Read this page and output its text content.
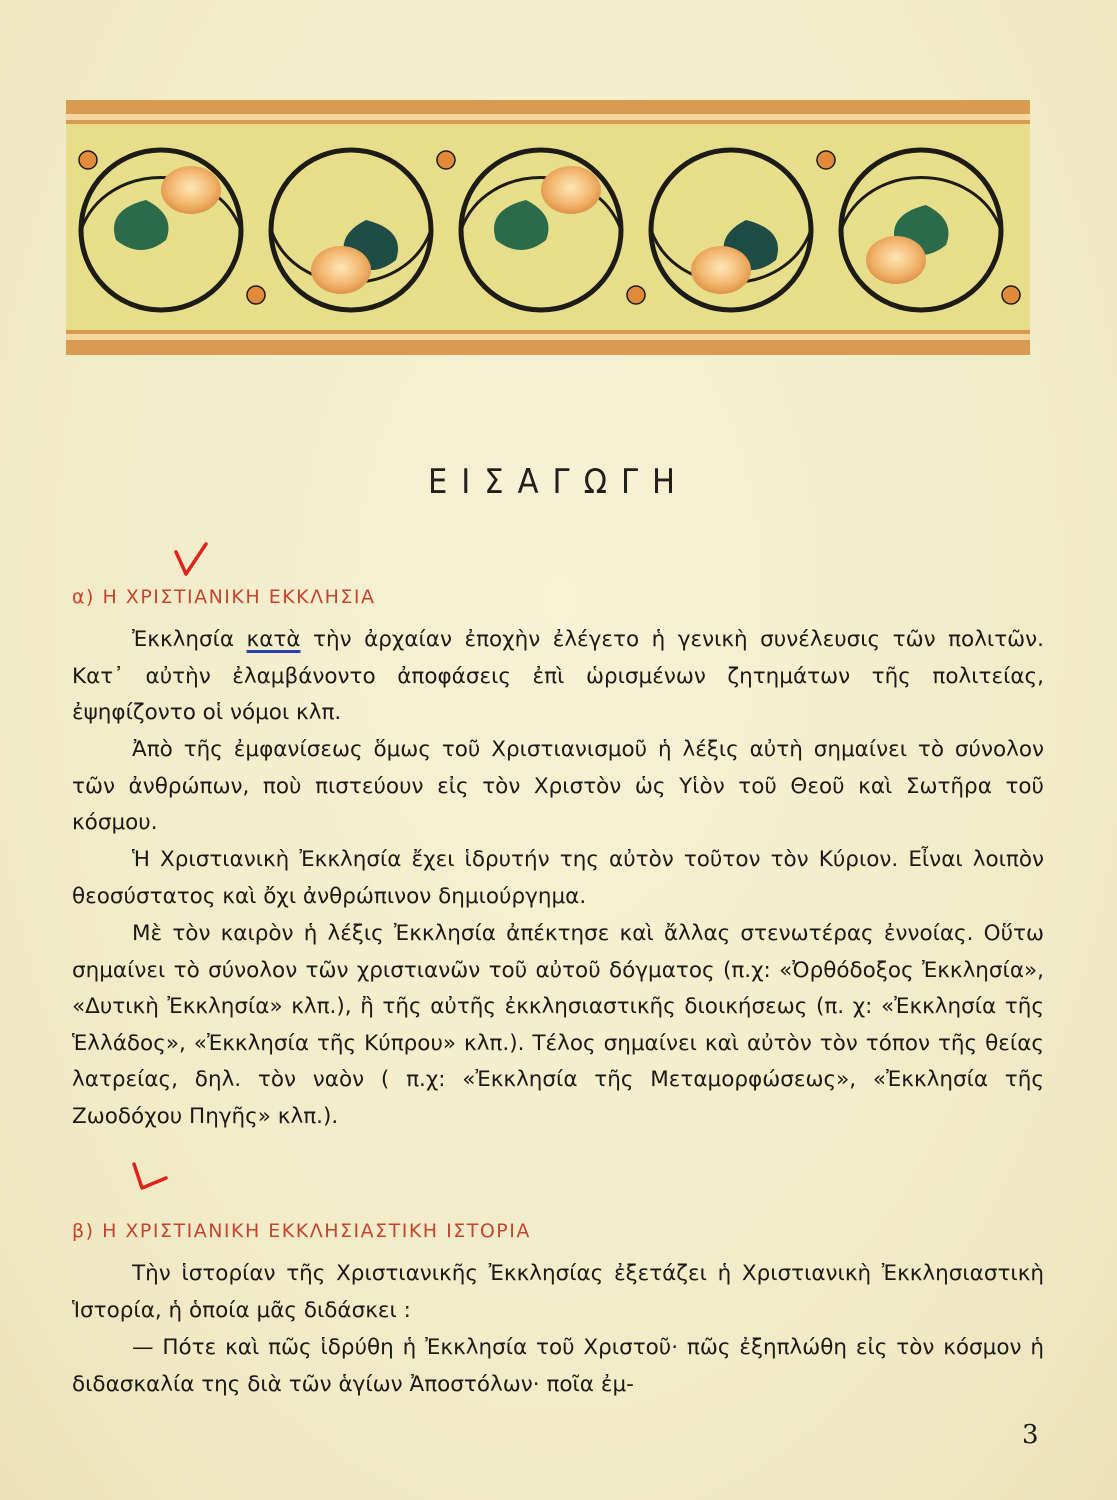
ΕΙΣΑΓΩΓΗ
α) Η ΧΡΙΣΤΙΑΝΙΚΗ ΕΚΚΛΗΣΙΑ
Ἐκκλησία κατὰ τὴν ἀρχαίαν ἐποχὴν ἐλέγετο ἡ γενικὴ συνέλευσις τῶν πολιτῶν. Κατ᾽ αὐτὴν ἐλαμβάνοντο ἀποφάσεις ἐπὶ ὡρισμένων ζητημάτων τῆς πολιτείας, ἐψηφίζοντο οἱ νόμοι κλπ.
Ἀπὸ τῆς ἐμφανίσεως ὅμως τοῦ Χριστιανισμοῦ ἡ λέξις αὐτὴ σημαίνει τὸ σύνολον τῶν ἀνθρώπων, ποὺ πιστεύουν εἰς τὸν Χριστὸν ὡς Υἱὸν τοῦ Θεοῦ καὶ Σωτῆρα τοῦ κόσμου.
Ἡ Χριστιανικὴ Ἐκκλησία ἔχει ἱδρυτήν της αὐτὸν τοῦτον τὸν Κύριον. Εἶναι λοιπὸν θεοσύστατος καὶ ὄχι ἀνθρώπινον δημιούργημα.
Μὲ τὸν καιρὸν ἡ λέξις Ἐκκλησία ἀπέκτησε καὶ ἄλλας στενωτέρας ἐννοίας. Οὕτω σημαίνει τὸ σύνολον τῶν χριστιανῶν τοῦ αὐτοῦ δόγματος (π.χ: «Ὀρθόδοξος Ἐκκλησία», «Δυτικὴ Ἐκκλησία» κλπ.), ἢ τῆς αὐτῆς ἐκκλησιαστικῆς διοικήσεως (π. χ: «Ἐκκλησία τῆς Ἑλλάδος», «Ἐκκλησία τῆς Κύπρου» κλπ.). Τέλος σημαίνει καὶ αὐτὸν τὸν τόπον τῆς θείας λατρείας, δηλ. τὸν ναὸν ( π.χ: «Ἐκκλησία τῆς Μεταμορφώσεως», «Ἐκκλησία τῆς Ζωοδόχου Πηγῆς» κλπ.).
β) Η ΧΡΙΣΤΙΑΝΙΚΗ ΕΚΚΛΗΣΙΑΣΤΙΚΗ ΙΣΤΟΡΙΑ
Τὴν ἱστορίαν τῆς Χριστιανικῆς Ἐκκλησίας ἐξετάζει ἡ Χριστιανικὴ Ἐκκλησιαστικὴ Ἱστορία, ἡ ὁποία μᾶς διδάσκει :
— Πότε καὶ πῶς ἱδρύθη ἡ Ἐκκλησία τοῦ Χριστοῦ· πῶς ἐξηπλώθη εἰς τὸν κόσμον ἡ διδασκαλία της διὰ τῶν ἁγίων Ἀποστόλων· ποῖα ἐμ-
3
